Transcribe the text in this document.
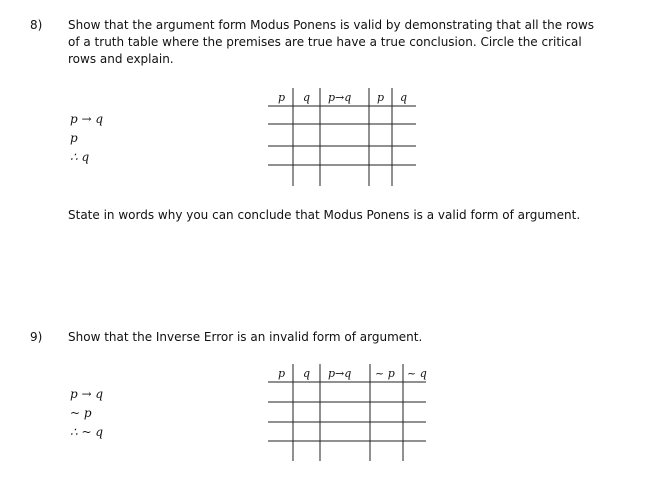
8) Show that the argument form Modus Ponens is valid by demonstrating that all the rows
of a truth table where the premises are true have a true conclusion. Circle the critical
rows and explain.
p → q
p
∴ q
p q p→q p q
State in words why you can conclude that Modus Ponens is a valid form of argument.
9) Show that the Inverse Error is an invalid form of argument.
p → q
~ p
∴ ~ q
p q p→q ~ p ~ q
